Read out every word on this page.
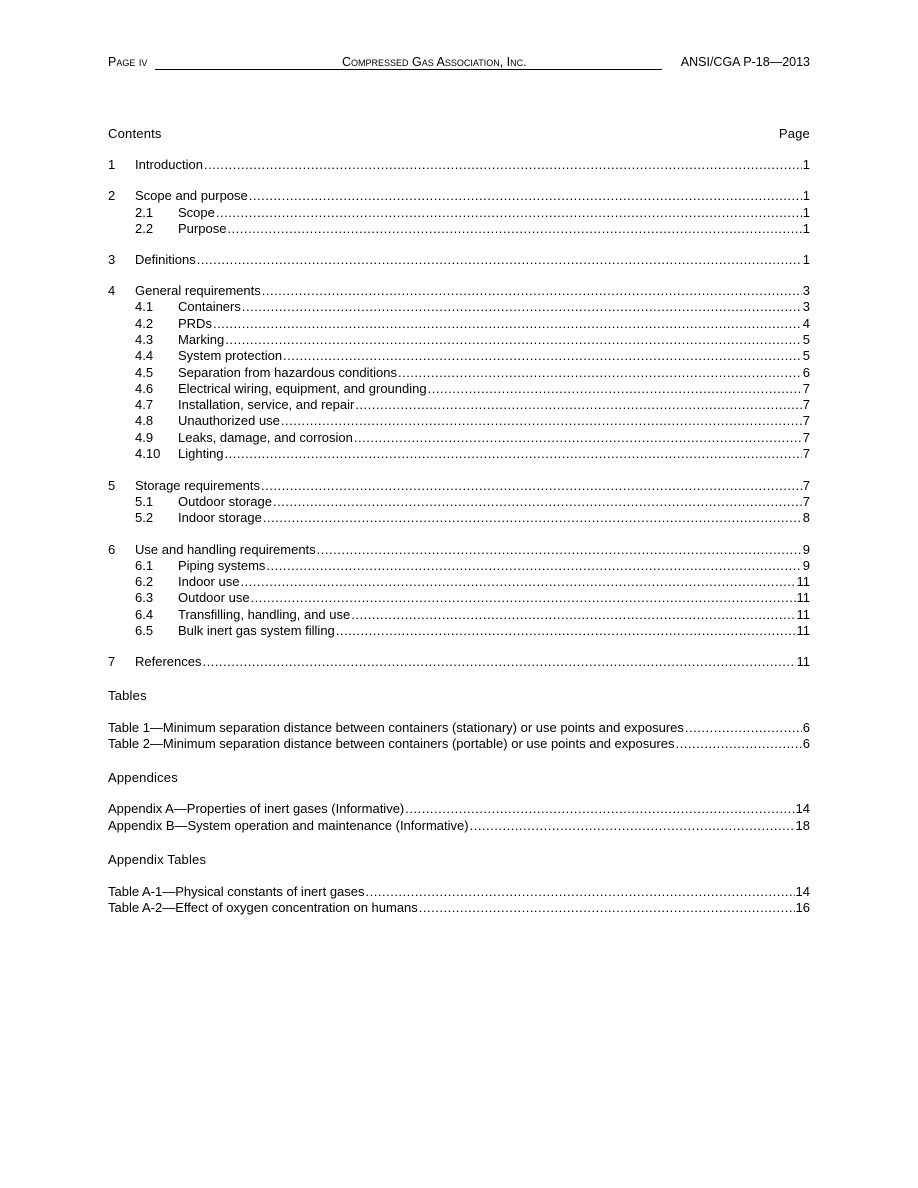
Page iv	Compressed Gas Association, Inc.	ANSI/CGA P-18—2013
Contents	Page
1 Introduction .....	1
2 Scope and purpose .....	1
2.1 Scope .....	1
2.2 Purpose .....	1
3 Definitions .....	1
4 General requirements .....	3
4.1 Containers .....	3
4.2 PRDs .....	4
4.3 Marking .....	5
4.4 System protection .....	5
4.5 Separation from hazardous conditions .....	6
4.6 Electrical wiring, equipment, and grounding .....	7
4.7 Installation, service, and repair .....	7
4.8 Unauthorized use .....	7
4.9 Leaks, damage, and corrosion .....	7
4.10 Lighting .....	7
5 Storage requirements .....	7
5.1 Outdoor storage .....	7
5.2 Indoor storage .....	8
6 Use and handling requirements .....	9
6.1 Piping systems .....	9
6.2 Indoor use .....	11
6.3 Outdoor use .....	11
6.4 Transfilling, handling, and use .....	11
6.5 Bulk inert gas system filling .....	11
7 References .....	11
Tables
Table 1—Minimum separation distance between containers (stationary) or use points and exposures .....	6
Table 2—Minimum separation distance between containers (portable) or use points and exposures .....	6
Appendices
Appendix A—Properties of inert gases (Informative) .....	14
Appendix B—System operation and maintenance (Informative) .....	18
Appendix Tables
Table A-1—Physical constants of inert gases .....	14
Table A-2—Effect of oxygen concentration on humans .....	16
